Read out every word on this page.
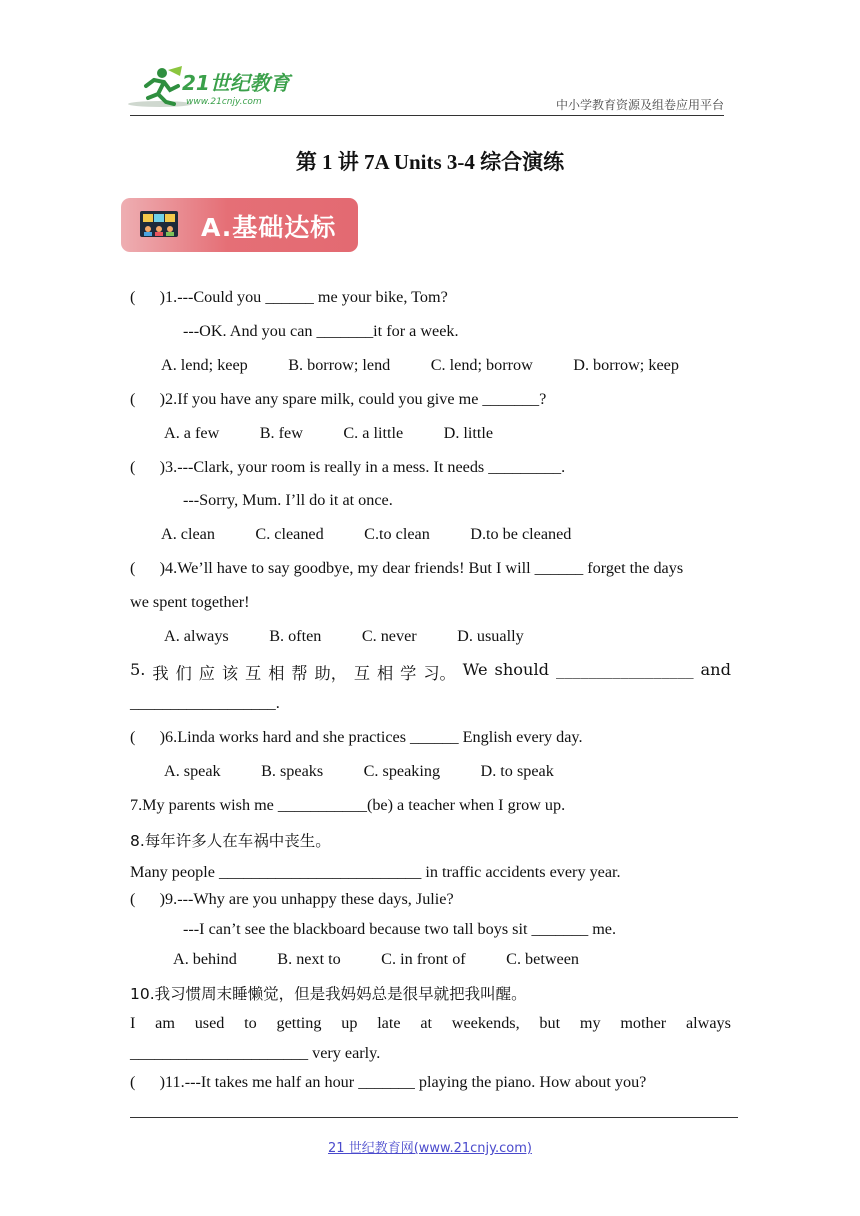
21世纪教育
www.21cnjy.com	中小学教育资源及组卷应用平台
第 1 讲 7A Units 3-4 综合演练
A.基础达标
(      )1.---Could you ______ me your bike, Tom?
---OK. And you can _______it for a week.
A. lend; keep          B. borrow; lend          C. lend; borrow          D. borrow; keep
(      )2.If you have any spare milk, could you give me _______?
A. a few          B. few          C. a little          D. little
(      )3.---Clark, your room is really in a mess. It needs _________.
---Sorry, Mum. I’ll do it at once.
A. clean          C. cleaned          C.to clean          D.to be cleaned
(      )4.We’ll have to say goodbye, my dear friends! But I will ______ forget the days
we spent together!
A. always          B. often          C. never          D. usually
5. 我 们 应 该 互 相 帮 助， 互 相 学 习。 We should _________________ and
__________________.
(      )6.Linda works hard and she practices ______ English every day.
A. speak          B. speaks          C. speaking          D. to speak
7.My parents wish me ___________(be) a teacher when I grow up.
8.每年许多人在车祸中丧生。
Many people _________________________ in traffic accidents every year.
(      )9.---Why are you unhappy these days, Julie?
---I can’t see the blackboard because two tall boys sit _______ me.
A. behind          B. next to          C. in front of          C. between
10.我习惯周末睡懒觉，但是我妈妈总是很早就把我叫醒。
I am used to getting up late at weekends, but my mother always
______________________ very early.
(      )11.---It takes me half an hour _______ playing the piano. How about you?
21 世纪教育网(www.21cnjy.com)
